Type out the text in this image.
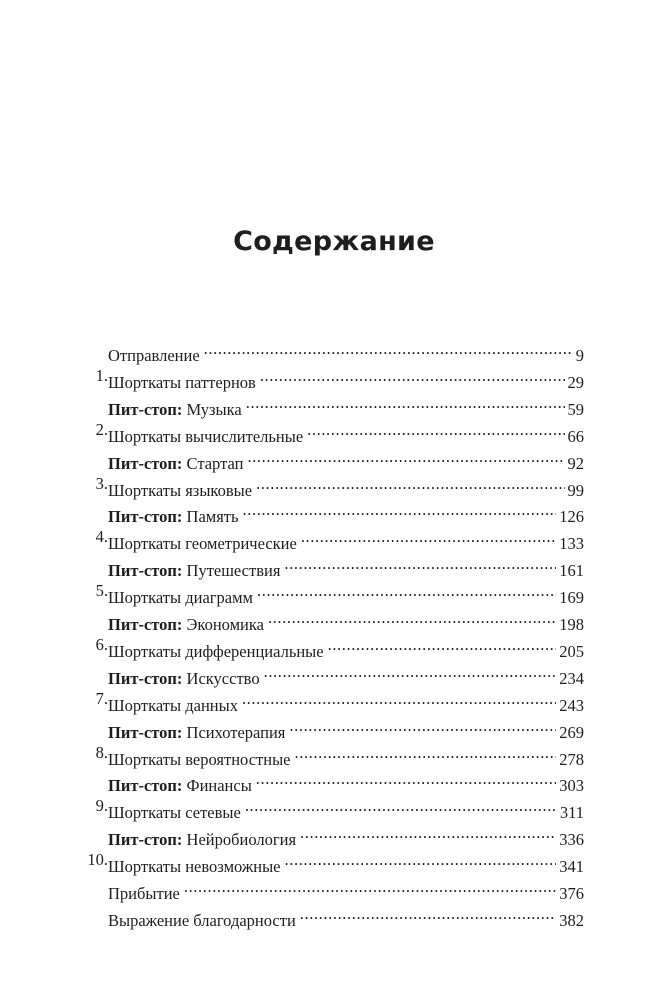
Содержание
Отправление .....	9
1. Шорткаты паттернов .....	29
Пит-стоп: Музыка .....	59
2. Шорткаты вычислительные .....	66
Пит-стоп: Стартап .....	92
3. Шорткаты языковые .....	99
Пит-стоп: Память .....	126
4. Шорткаты геометрические .....	133
Пит-стоп: Путешествия .....	161
5. Шорткаты диаграмм .....	169
Пит-стоп: Экономика .....	198
6. Шорткаты дифференциальные .....	205
Пит-стоп: Искусство .....	234
7. Шорткаты данных .....	243
Пит-стоп: Психотерапия .....	269
8. Шорткаты вероятностные .....	278
Пит-стоп: Финансы .....	303
9. Шорткаты сетевые .....	311
Пит-стоп: Нейробиология .....	336
10. Шорткаты невозможные .....	341
Прибытие .....	376
Выражение благодарности .....	382
